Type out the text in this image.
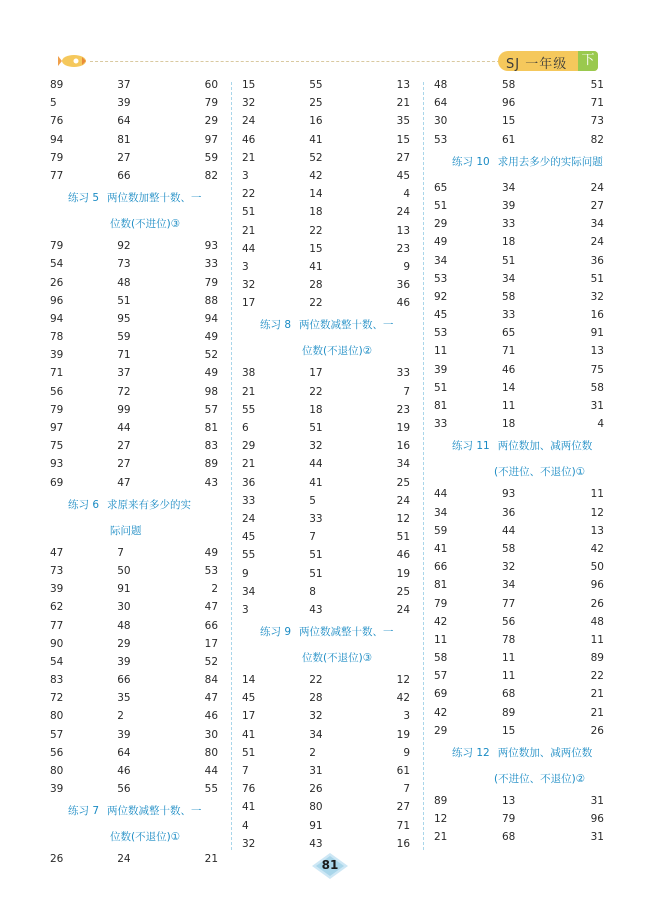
SJ 一年级 下
89	37	60
5	39	79
76	64	29
94	81	97
79	27	59
77	66	82
练习 5 两位数加整十数、一
位数(不进位)③
79	92	93
54	73	33
26	48	79
96	51	88
94	95	94
78	59	49
39	71	52
71	37	49
56	72	98
79	99	57
97	44	81
75	27	83
93	27	89
69	47	43
练习 6 求原来有多少的实
际问题
47	7	49
73	50	53
39	91	2
62	30	47
77	48	66
90	29	17
54	39	52
83	66	84
72	35	47
80	2	46
57	39	30
56	64	80
80	46	44
39	56	55
练习 7 两位数减整十数、一
位数(不退位)①
26	24	21
15	55	13
32	25	21
24	16	35
46	41	15
21	52	27
3	42	45
22	14	4
51	18	24
21	22	13
44	15	23
3	41	9
32	28	36
17	22	46
练习 8 两位数减整十数、一
位数(不退位)②
38	17	33
21	22	7
55	18	23
6	51	19
29	32	16
21	44	34
36	41	25
33	5	24
24	33	12
45	7	51
55	51	46
9	51	19
34	8	25
3	43	24
练习 9 两位数减整十数、一
位数(不退位)③
14	22	12
45	28	42
17	32	3
41	34	19
51	2	9
7	31	61
76	26	7
41	80	27
4	91	71
32	43	16
48	58	51
64	96	71
30	15	73
53	61	82
练习 10 求用去多少的实际问题
65	34	24
51	39	27
29	33	34
49	18	24
34	51	36
53	34	51
92	58	32
45	33	16
53	65	91
11	71	13
39	46	75
51	14	58
81	11	31
33	18	4
练习 11 两位数加、减两位数
(不进位、不退位)①
44	93	11
34	36	12
59	44	13
41	58	42
66	32	50
81	34	96
79	77	26
42	56	48
11	78	11
58	11	89
57	11	22
69	68	21
42	89	21
29	15	26
练习 12 两位数加、减两位数
(不进位、不退位)②
89	13	31
12	79	96
21	68	31
81
